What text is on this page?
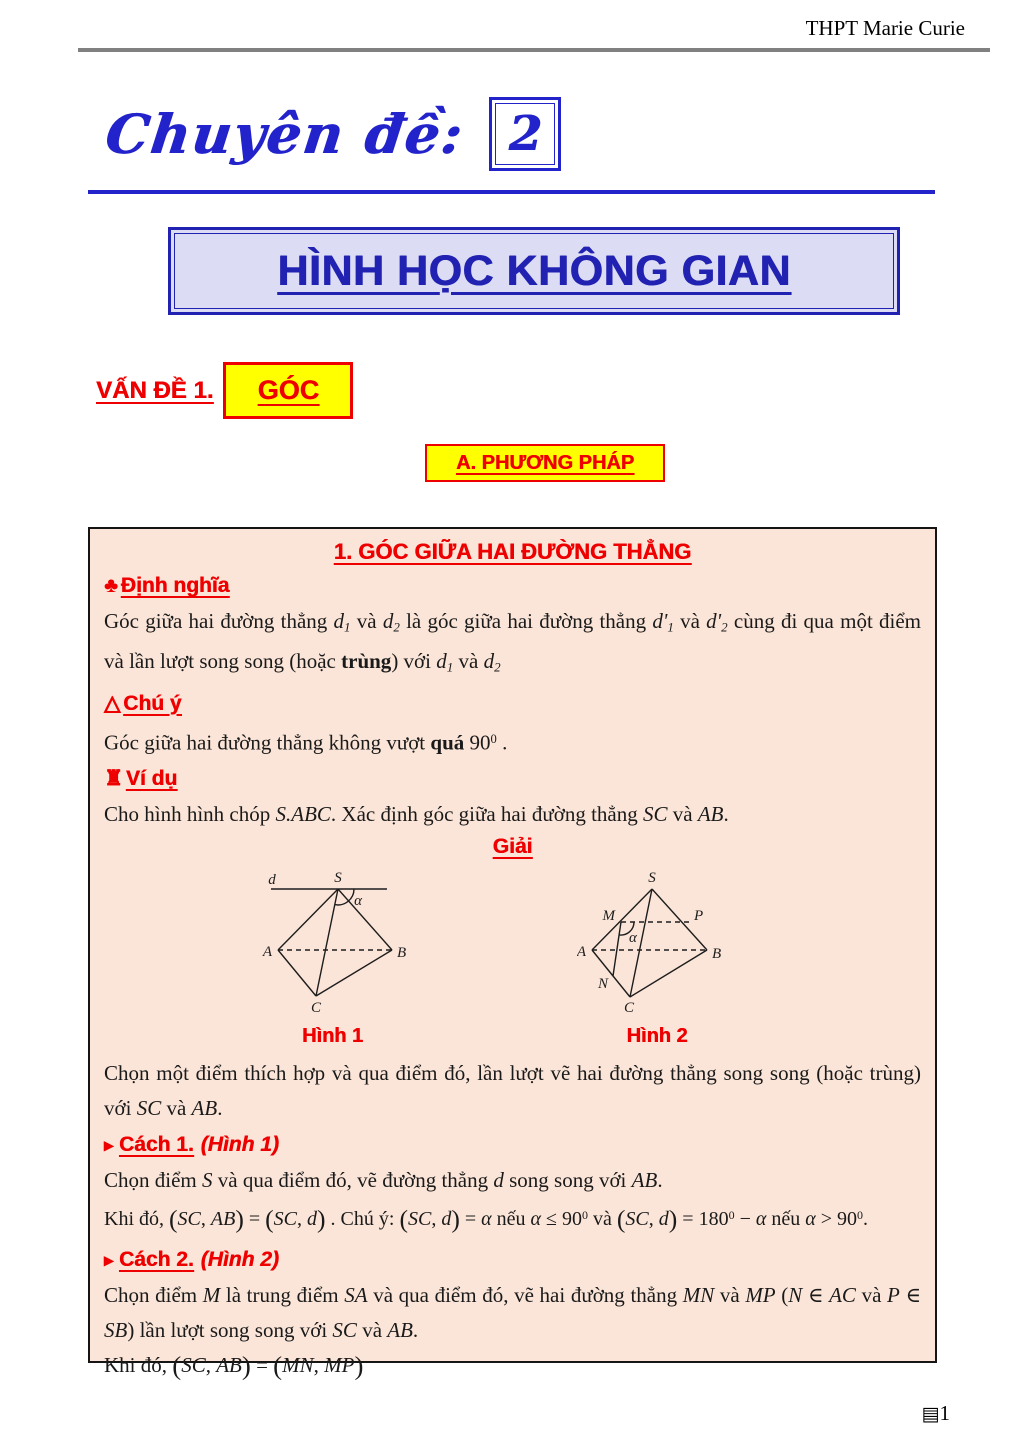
THPT Marie Curie
Chuyên đề: 2
HÌNH HỌC KHÔNG GIAN
VẤN ĐỀ 1. GÓC
A. PHƯƠNG PHÁP
1. GÓC GIỮA HAI ĐƯỜNG THẲNG
♣ Định nghĩa
Góc giữa hai đường thẳng d1 và d2 là góc giữa hai đường thẳng d'1 và d'2 cùng đi qua một điểm và lần lượt song song (hoặc trùng) với d1 và d2
△ Chú ý
Góc giữa hai đường thẳng không vượt quá $90^0$ .
♜ Ví dụ
Cho hình hình chóp S.ABC. Xác định góc giữa hai đường thẳng SC và AB.
Giải
d	S
α
A	B
C
Hình 1
S
M	P
A	B
N
C
α
Hình 2
Chọn một điểm thích hợp và qua điểm đó, lần lượt vẽ hai đường thẳng song song (hoặc trùng) với SC và AB.
▸ Cách 1. (Hình 1)
Chọn điểm S và qua điểm đó, vẽ đường thẳng d song song với AB.
Khi đó, (SC, AB) = (SC, d) . Chú ý: (SC, d) = α nếu $\alpha \le 90^0$ và (SC, $d) = 180^0 - \alpha$ nếu $\alpha > 90^0$.
▸ Cách 2. (Hình 2)
Chọn điểm M là trung điểm SA và qua điểm đó, vẽ hai đường thẳng MN và MP (N ∈ AC và P ∈ SB) lần lượt song song với SC và AB.
Khi đó, (SC, AB) = (MN, MP)
▤1
